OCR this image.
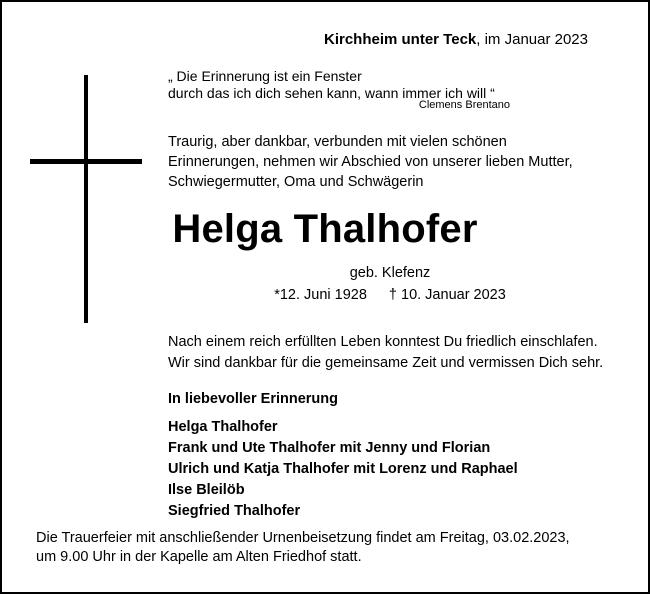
Kirchheim unter Teck, im Januar 2023
„ Die Erinnerung ist ein Fenster
durch das ich dich sehen kann, wann immer ich will “
Clemens Brentano
Traurig, aber dankbar, verbunden mit vielen schönen
Erinnerungen, nehmen wir Abschied von unserer lieben Mutter,
Schwiegermutter, Oma und Schwägerin
Helga Thalhofer
geb. Klefenz
*12. Juni 1928 † 10. Januar 2023
Nach einem reich erfüllten Leben konntest Du friedlich einschlafen.
Wir sind dankbar für die gemeinsame Zeit und vermissen Dich sehr.
In liebevoller Erinnerung
Helga Thalhofer
Frank und Ute Thalhofer mit Jenny und Florian
Ulrich und Katja Thalhofer mit Lorenz und Raphael
Ilse Bleilöb
Siegfried Thalhofer
Die Trauerfeier mit anschließender Urnenbeisetzung findet am Freitag, 03.02.2023,
um 9.00 Uhr in der Kapelle am Alten Friedhof statt.
